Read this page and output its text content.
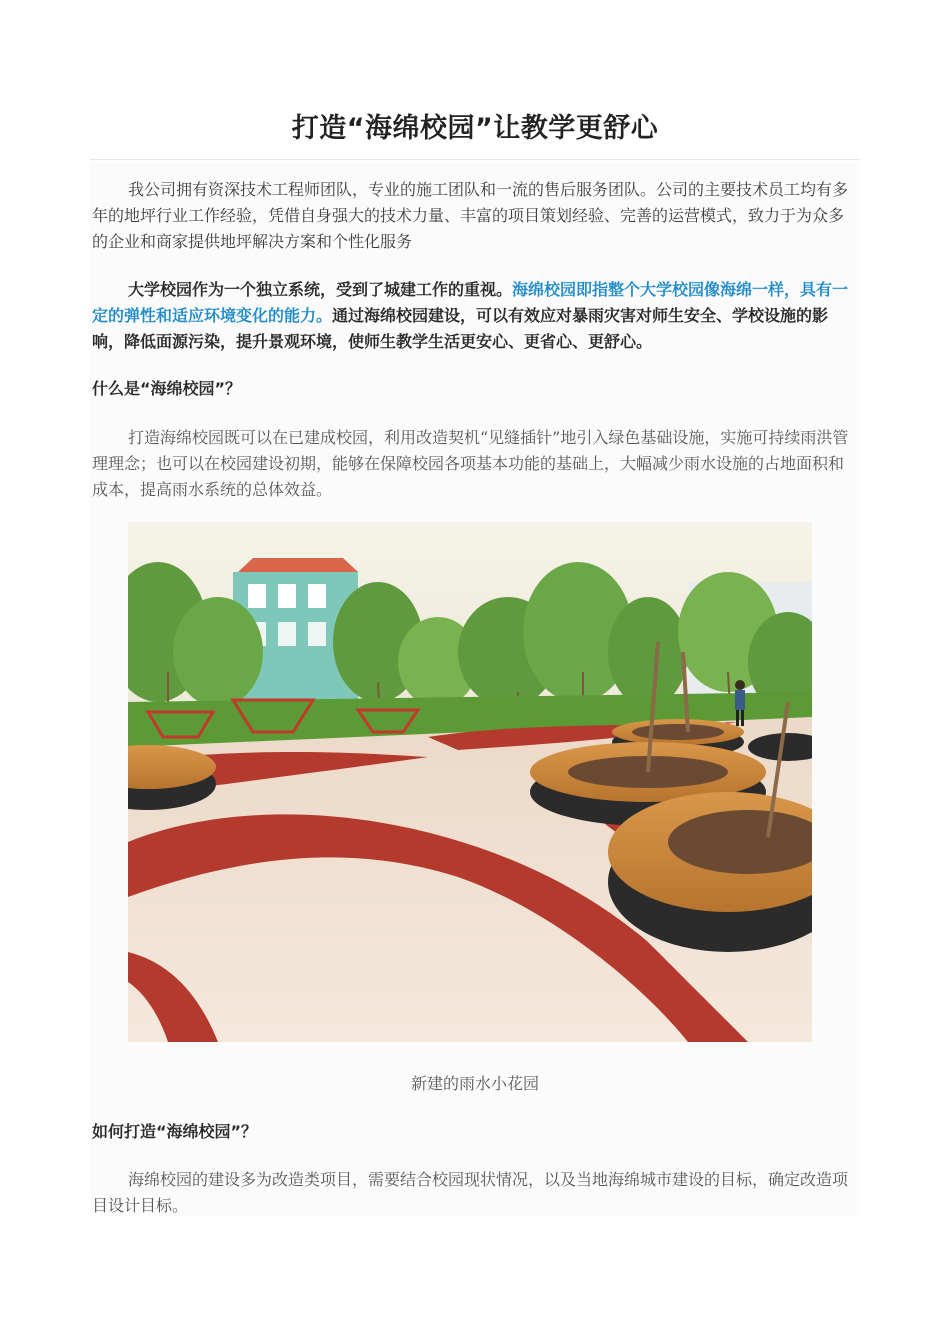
打造“海绵校园”让教学更舒心

我公司拥有资深技术工程师团队，专业的施工团队和一流的售后服务团队。公司的主要技术员工均有多年的地坪行业工作经验，凭借自身强大的技术力量、丰富的项目策划经验、完善的运营模式，致力于为众多的企业和商家提供地坪解决方案和个性化服务

大学校园作为一个独立系统，受到了城建工作的重视。海绵校园即指整个大学校园像海绵一样，具有一定的弹性和适应环境变化的能力。通过海绵校园建设，可以有效应对暴雨灾害对师生安全、学校设施的影响，降低面源污染，提升景观环境，使师生教学生活更安心、更省心、更舒心。

什么是“海绵校园”？

打造海绵校园既可以在已建成校园，利用改造契机“见缝插针”地引入绿色基础设施，实施可持续雨洪管理理念；也可以在校园建设初期，能够在保障校园各项基本功能的基础上，大幅减少雨水设施的占地面积和成本，提高雨水系统的总体效益。

新建的雨水小花园
如何打造“海绵校园”？

海绵校园的建设多为改造类项目，需要结合校园现状情况，以及当地海绵城市建设的目标，确定改造项目设计目标。
